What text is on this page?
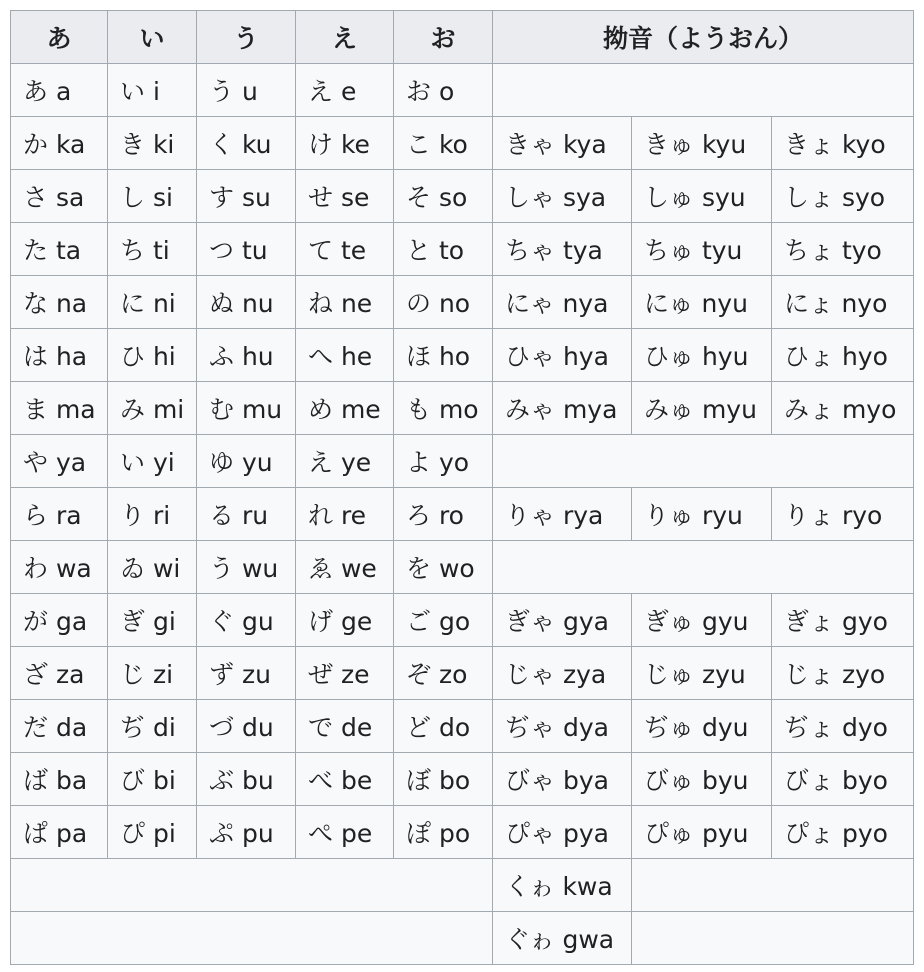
あ	い	う	え	お	拗音（ようおん）		
あ a	い i	う u	え e	お o			
か ka	き ki	く ku	け ke	こ ko	きゃ kya	きゅ kyu	きょ kyo
さ sa	し si	す su	せ se	そ so	しゃ sya	しゅ syu	しょ syo
た ta	ち ti	つ tu	て te	と to	ちゃ tya	ちゅ tyu	ちょ tyo
な na	に ni	ぬ nu	ね ne	の no	にゃ nya	にゅ nyu	にょ nyo
は ha	ひ hi	ふ hu	へ he	ほ ho	ひゃ hya	ひゅ hyu	ひょ hyo
ま ma	み mi	む mu	め me	も mo	みゃ mya	みゅ myu	みょ myo
や ya	い yi	ゆ yu	え ye	よ yo			
ら ra	り ri	る ru	れ re	ろ ro	りゃ rya	りゅ ryu	りょ ryo
わ wa	ゐ wi	う wu	ゑ we	を wo			
が ga	ぎ gi	ぐ gu	げ ge	ご go	ぎゃ gya	ぎゅ gyu	ぎょ gyo
ざ za	じ zi	ず zu	ぜ ze	ぞ zo	じゃ zya	じゅ zyu	じょ zyo
だ da	ぢ di	づ du	で de	ど do	ぢゃ dya	ぢゅ dyu	ぢょ dyo
ば ba	び bi	ぶ bu	べ be	ぼ bo	びゃ bya	びゅ byu	びょ byo
ぱ pa	ぴ pi	ぷ pu	ぺ pe	ぽ po	ぴゃ pya	ぴゅ pyu	ぴょ pyo
					くゎ kwa		
					ぐゎ gwa		
